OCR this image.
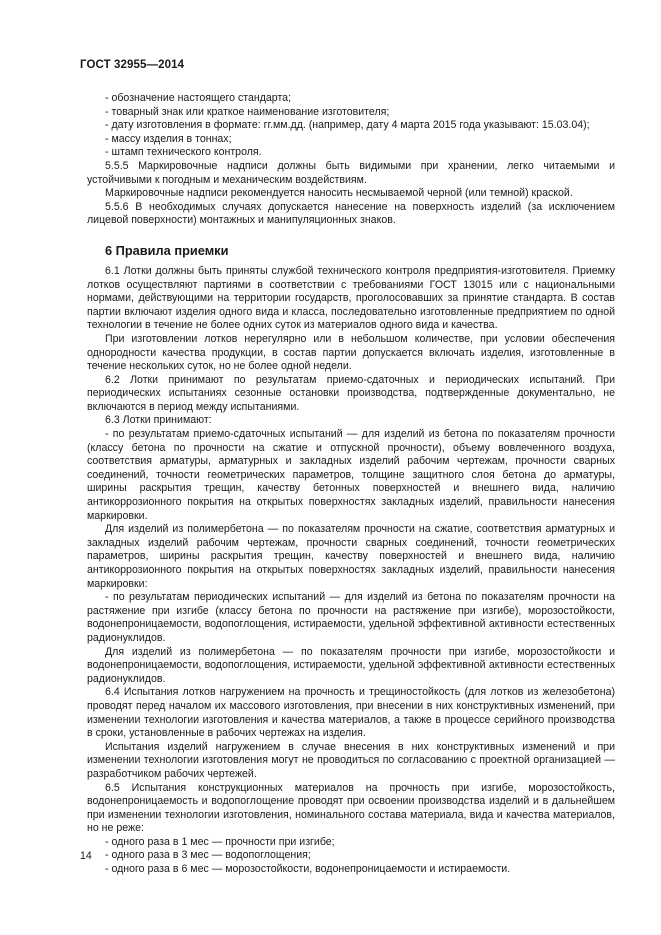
ГОСТ 32955—2014

- обозначение настоящего стандарта;

- товарный знак или краткое наименование изготовителя;

- дату изготовления в формате: гг.мм.дд. (например, дату 4 марта 2015 года указывают: 15.03.04);

- массу изделия в тоннах;

- штамп технического контроля.

5.5.5 Маркировочные надписи должны быть видимыми при хранении, легко читаемыми и устойчивыми к погодным и механическим воздействиям.

Маркировочные надписи рекомендуется наносить несмываемой черной (или темной) краской.

5.5.6 В необходимых случаях допускается нанесение на поверхность изделий (за исключением лицевой поверхности) монтажных и манипуляционных знаков.

6 Правила приемки

6.1 Лотки должны быть приняты службой технического контроля предприятия-изготовителя. Приемку лотков осуществляют партиями в соответствии с требованиями ГОСТ 13015 или с национальными нормами, действующими на территории государств, проголосовавших за принятие стандарта. В состав партии включают изделия одного вида и класса, последовательно изготовленные предприятием по одной технологии в течение не более одних суток из материалов одного вида и качества.

При изготовлении лотков нерегулярно или в небольшом количестве, при условии обеспечения однородности качества продукции, в состав партии допускается включать изделия, изготовленные в течение нескольких суток, но не более одной недели.

6.2 Лотки принимают по результатам приемо-сдаточных и периодических испытаний. При периодических испытаниях сезонные остановки производства, подтвержденные документально, не включаются в период между испытаниями.

6.3 Лотки принимают:

- по результатам приемо-сдаточных испытаний — для изделий из бетона по показателям прочности (классу бетона по прочности на сжатие и отпускной прочности), объему вовлеченного воздуха, соответствия арматуры, арматурных и закладных изделий рабочим чертежам, прочности сварных соединений, точности геометрических параметров, толщине защитного слоя бетона до арматуры, ширины раскрытия трещин, качеству бетонных поверхностей и внешнего вида, наличию антикоррозионного покрытия на открытых поверхностях закладных изделий, правильности нанесения маркировки.

Для изделий из полимербетона — по показателям прочности на сжатие, соответствия арматурных и закладных изделий рабочим чертежам, прочности сварных соединений, точности геометрических параметров, ширины раскрытия трещин, качеству поверхностей и внешнего вида, наличию антикоррозионного покрытия на открытых поверхностях закладных изделий, правильности нанесения маркировки:

- по результатам периодических испытаний — для изделий из бетона по показателям прочности на растяжение при изгибе (классу бетона по прочности на растяжение при изгибе), морозостойкости, водонепроницаемости, водопоглощения, истираемости, удельной эффективной активности естественных радионуклидов.

Для изделий из полимербетона — по показателям прочности при изгибе, морозостойкости и водонепроницаемости, водопоглощения, истираемости, удельной эффективной активности естественных радионуклидов.

6.4 Испытания лотков нагружением на прочность и трещиностойкость (для лотков из железобетона) проводят перед началом их массового изготовления, при внесении в них конструктивных изменений, при изменении технологии изготовления и качества материалов, а также в процессе серийного производства в сроки, установленные в рабочих чертежах на изделия.

Испытания изделий нагружением в случае внесения в них конструктивных изменений и при изменении технологии изготовления могут не проводиться по согласованию с проектной организацией — разработчиком рабочих чертежей.

6.5 Испытания конструкционных материалов на прочность при изгибе, морозостойкость, водонепроницаемость и водопоглощение проводят при освоении производства изделий и в дальнейшем при изменении технологии изготовления, номинального состава материала, вида и качества материалов, но не реже:

- одного раза в 1 мес — прочности при изгибе;

- одного раза в 3 мес — водопоглощения;

- одного раза в 6 мес — морозостойкости, водонепроницаемости и истираемости.

14
